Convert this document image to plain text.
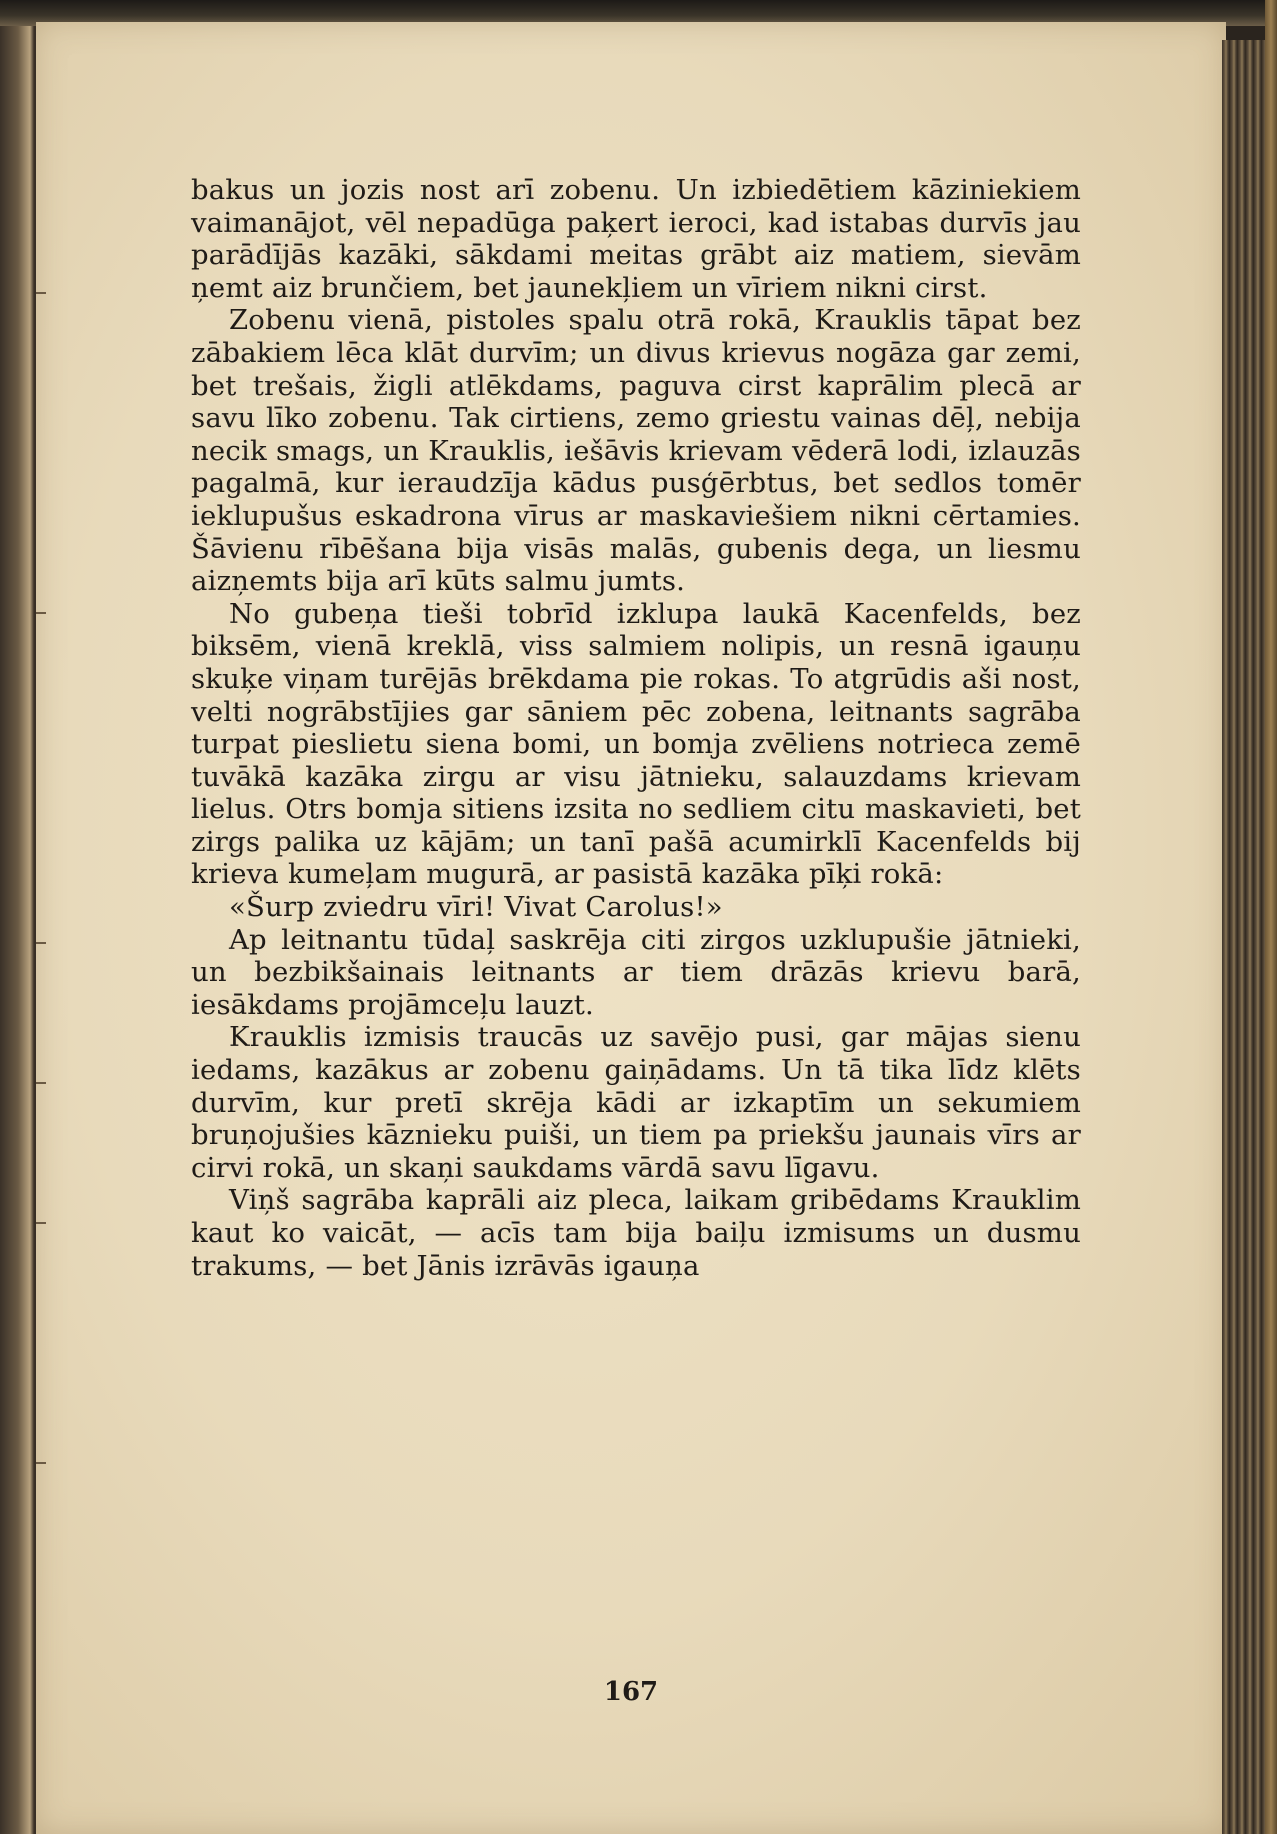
bakus un jozis nost arī zobenu. Un izbiedētiem kāziniekiem vaimanājot, vēl nepadūga paķert ieroci, kad istabas durvīs jau parādījās kazāki, sākdami meitas grābt aiz matiem, sievām ņemt aiz brunčiem, bet jaunekļiem un vīriem nikni cirst.

Zobenu vienā, pistoles spalu otrā rokā, Krauklis tāpat bez zābakiem lēca klāt durvīm; un divus krievus nogāza gar zemi, bet trešais, žigli atlēkdams, paguva cirst kaprālim plecā ar savu līko zobenu. Tak cirtiens, zemo griestu vainas dēļ, nebija necik smags, un Krauklis, iešāvis krievam vēderā lodi, izlauzās pagalmā, kur ieraudzīja kādus pusģērbtus, bet sedlos tomēr ieklupušus eskadrona vīrus ar maskaviešiem nikni cērtamies. Šāvienu rībēšana bija visās malās, gubenis dega, un liesmu aizņemts bija arī kūts salmu jumts.

No gubeņa tieši tobrīd izklupa laukā Kacenfelds, bez biksēm, vienā kreklā, viss salmiem nolipis, un resnā igauņu skuķe viņam turējās brēkdama pie rokas. To atgrūdis aši nost, velti nogrābstījies gar sāniem pēc zobena, leitnants sagrāba turpat pieslietu siena bomi, un bomja zvēliens notrieca zemē tuvākā kazāka zirgu ar visu jātnieku, salauzdams krievam lielus. Otrs bomja sitiens izsita no sedliem citu maskavieti, bet zirgs palika uz kājām; un tanī pašā acumirklī Kacenfelds bij krieva kumeļam mugurā, ar pasistā kazāka pīķi rokā:

«Šurp zviedru vīri! Vivat Carolus!»

Ap leitnantu tūdaļ saskrēja citi zirgos uzklupušie jātnieki, un bezbikšainais leitnants ar tiem drāzās krievu barā, iesākdams projāmceļu lauzt.

Krauklis izmisis traucās uz savējo pusi, gar mājas sienu iedams, kazākus ar zobenu gaiņādams. Un tā tika līdz klēts durvīm, kur pretī skrēja kādi ar izkaptīm un sekumiem bruņojušies kāznieku puiši, un tiem pa priekšu jaunais vīrs ar cirvi rokā, un skaņi saukdams vārdā savu līgavu.

Viņš sagrāba kaprāli aiz pleca, laikam gribēdams Krauklim kaut ko vaicāt, — acīs tam bija baiļu izmisums un dusmu trakums, — bet Jānis izrāvās igauņa

167
